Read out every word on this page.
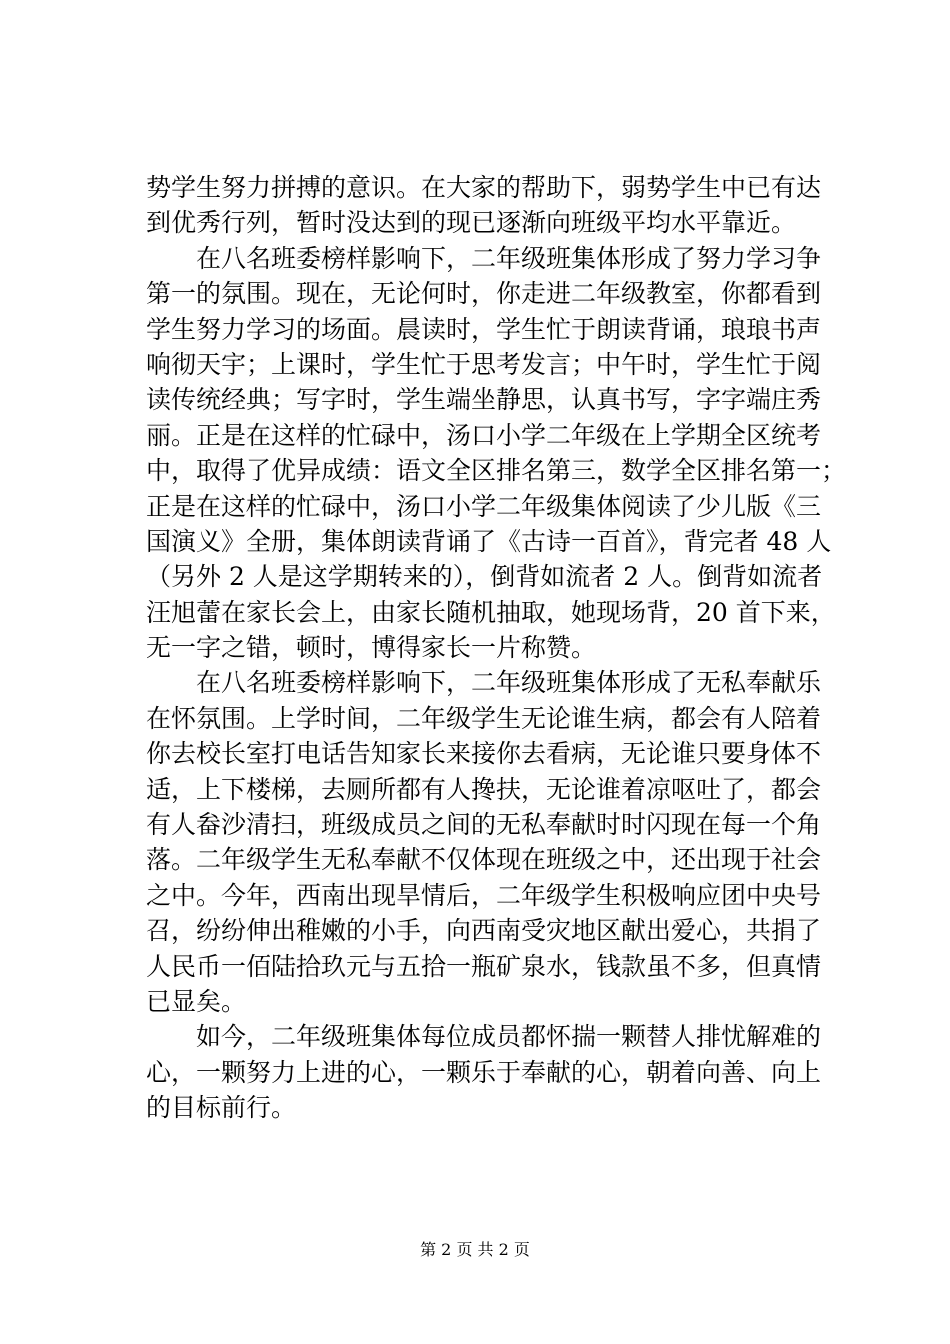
势学生努力拼搏的意识。在大家的帮助下，弱势学生中已有达
到优秀行列，暂时没达到的现已逐渐向班级平均水平靠近。
　　在八名班委榜样影响下，二年级班集体形成了努力学习争
第一的氛围。现在，无论何时，你走进二年级教室，你都看到
学生努力学习的场面。晨读时，学生忙于朗读背诵，琅琅书声
响彻天宇；上课时，学生忙于思考发言；中午时，学生忙于阅
读传统经典；写字时，学生端坐静思，认真书写，字字端庄秀
丽。正是在这样的忙碌中，汤口小学二年级在上学期全区统考
中，取得了优异成绩：语文全区排名第三，数学全区排名第一；
正是在这样的忙碌中，汤口小学二年级集体阅读了少儿版《三
国演义》全册，集体朗读背诵了《古诗一百首》，背完者 48 人
（另外 2 人是这学期转来的），倒背如流者 2 人。倒背如流者
汪旭蕾在家长会上，由家长随机抽取，她现场背，20 首下来，
无一字之错，顿时，博得家长一片称赞。
　　在八名班委榜样影响下，二年级班集体形成了无私奉献乐
在怀氛围。上学时间，二年级学生无论谁生病，都会有人陪着
你去校长室打电话告知家长来接你去看病，无论谁只要身体不
适，上下楼梯，去厕所都有人搀扶，无论谁着凉呕吐了，都会
有人畚沙清扫，班级成员之间的无私奉献时时闪现在每一个角
落。二年级学生无私奉献不仅体现在班级之中，还出现于社会
之中。今年，西南出现旱情后，二年级学生积极响应团中央号
召，纷纷伸出稚嫩的小手，向西南受灾地区献出爱心，共捐了
人民币一佰陆拾玖元与五拾一瓶矿泉水，钱款虽不多，但真情
已显矣。
　　如今，二年级班集体每位成员都怀揣一颗替人排忧解难的
心，一颗努力上进的心，一颗乐于奉献的心，朝着向善、向上
的目标前行。
第 2 页 共 2 页
